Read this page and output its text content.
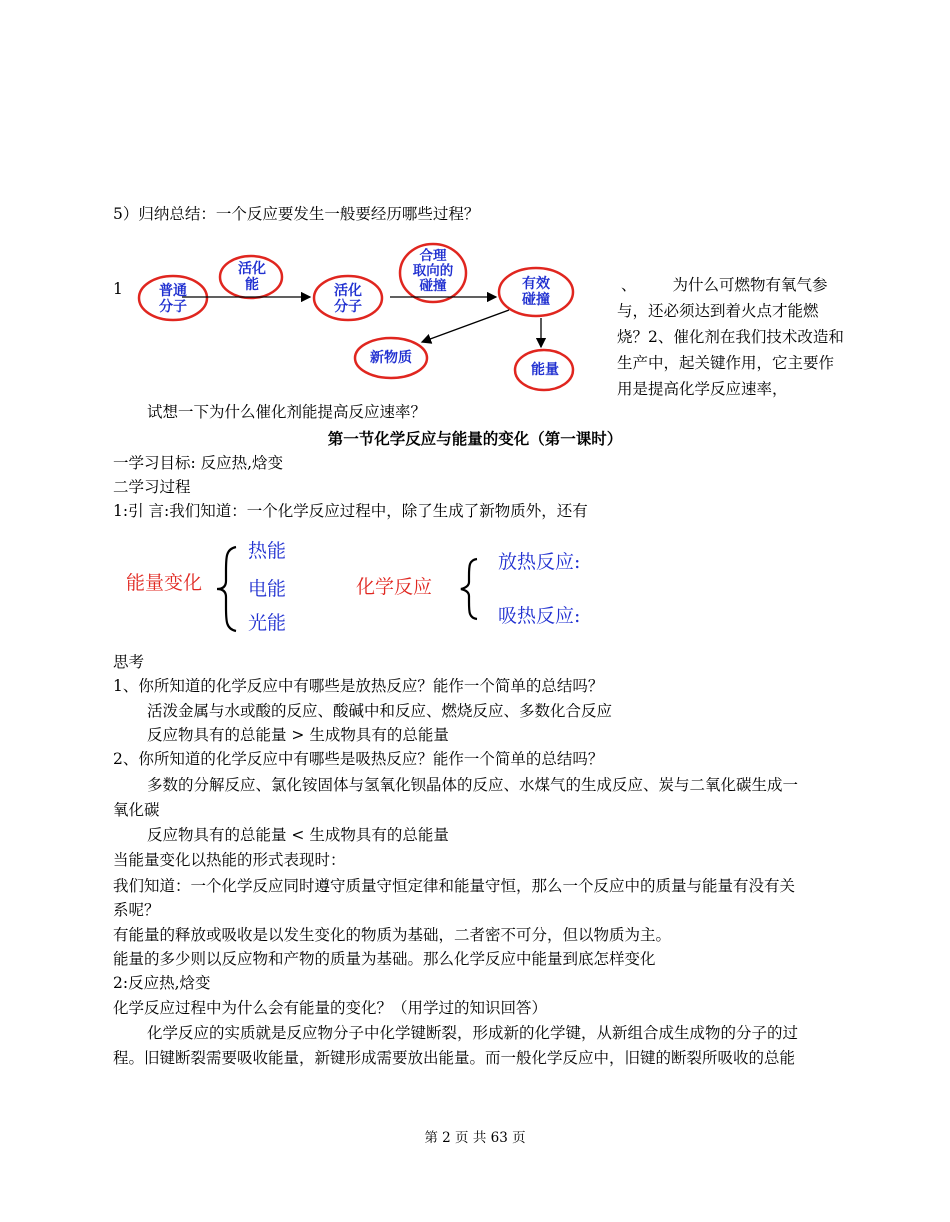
5）归纳总结：一个反应要发生一般要经历哪些过程？
1	普通
分子
活化
能	活化
分子
合理
取向的
碰撞	有效
碰撞
新物质
能量
、 为什么可燃物有氧气参与，还必须达到着火点才能燃烧？2、催化剂在我们技术改造和生产中，起关键作用，它主要作用是提高化学反应速率，
试想一下为什么催化剂能提高反应速率？
第一节化学反应与能量的变化（第一课时）
一学习目标: 反应热,焓变
二学习过程
1:引 言:我们知道：一个化学反应过程中，除了生成了新物质外，还有
能量变化
热能
电能
光能
化学反应
放热反应:
吸热反应:
思考
1、你所知道的化学反应中有哪些是放热反应？能作一个简单的总结吗？
活泼金属与水或酸的反应、酸碱中和反应、燃烧反应、多数化合反应
反应物具有的总能量 > 生成物具有的总能量
2、你所知道的化学反应中有哪些是吸热反应？能作一个简单的总结吗？
多数的分解反应、氯化铵固体与氢氧化钡晶体的反应、水煤气的生成反应、炭与二氧化碳生成一
氧化碳
反应物具有的总能量 < 生成物具有的总能量
当能量变化以热能的形式表现时：
我们知道：一个化学反应同时遵守质量守恒定律和能量守恒，那么一个反应中的质量与能量有没有关
系呢？
有能量的释放或吸收是以发生变化的物质为基础，二者密不可分，但以物质为主。
能量的多少则以反应物和产物的质量为基础。那么化学反应中能量到底怎样变化
2:反应热,焓变
化学反应过程中为什么会有能量的变化？（用学过的知识回答）
化学反应的实质就是反应物分子中化学键断裂，形成新的化学键，从新组合成生成物的分子的过
程。旧键断裂需要吸收能量，新键形成需要放出能量。而一般化学反应中，旧键的断裂所吸收的总能
第 2 页 共 63 页
